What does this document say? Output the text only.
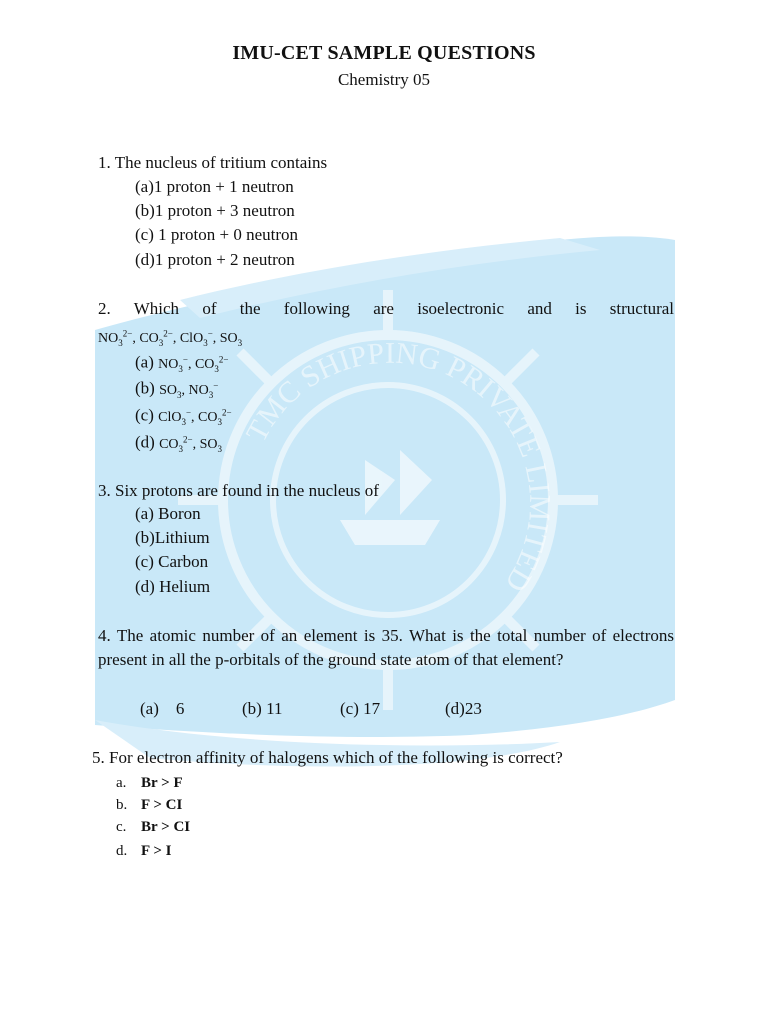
TMC SHIPPING PRIVATE LIMITED
IMU-CET SAMPLE QUESTIONS
Chemistry 05
1. The nucleus of tritium contains
(a)1 proton + 1 neutron
(b)1 proton + 3 neutron
(c) 1 proton + 0 neutron
(d)1 proton + 2 neutron
2. Which of the following are isoelectronic and is structural
$NO_3^{2-}$, $CO_3^{2-}$, ClO$_3$−, $SO_3$
(a) $NO_3^-$, $CO_3^{2-}$
(b) $SO_3$, $NO_3^-$
(c) ClO$_3$−, $CO_3^{2-}$
(d) $CO_3^{2-}$, $SO_3$
3. Six protons are found in the nucleus of
(a) Boron
(b)Lithium
(c) Carbon
(d) Helium
4. The atomic number of an element is 35. What is the total number of electrons present in all the p-orbitals of the ground state atom of that element?
(a)    6	(b) 11	(c) 17	(d)23
5. For electron affinity of halogens which of the following is correct?
a. Br > F
b. F > CI
c. Br > CI
d. F > I
